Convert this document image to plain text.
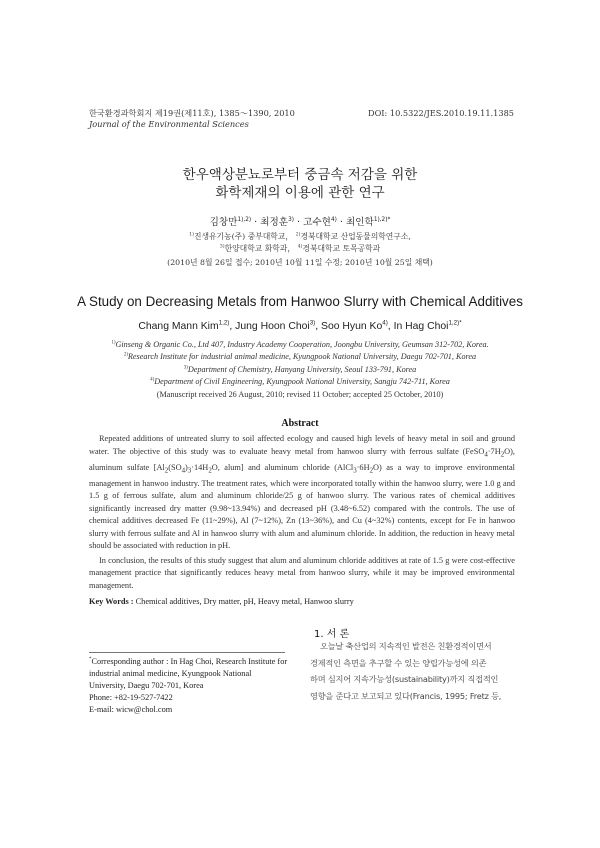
한국환경과학회지 제19권(제11호), 1385～1390, 2010
Journal of the Environmental Sciences
DOI: 10.5322/JES.2010.19.11.1385
한우액상분뇨로부터 중금속 저감을 위한
화학제재의 이용에 관한 연구
김창만$^{1),2)}$ · 최정훈$^{3)}$ · 고수현$^{4)}$ · 최인학$^{1),2)*}$
$^{1)}$진생유기농(주) 중부대학교， $^{2)}$경북대학교 산업동물의학연구소,
$^{3)}$한양대학교 화학과， $^{4)}$경북대학교 토목공학과
(2010년 8월 26일 접수; 2010년 10월 11일 수정; 2010년 10월 25일 채택)
A Study on Decreasing Metals from Hanwoo Slurry with Chemical Additives
Chang Mann Kim$^{1,2)}$, Jung Hoon Choi$^{3)}$, Soo Hyun Ko$^{4)}$, In Hag Choi$^{1,2)*}$
$^{1)}$Ginseng & Organic Co., Ltd 407, Industry Academy Cooperation, Joongbu University, Geumsan 312-702, Korea.
$^{2)}$Research Institute for industrial animal medicine, Kyungpook National University, Daegu 702-701, Korea
$^{3)}$Department of Chemistry, Hanyang University, Seoul 133-791, Korea
$^{4)}$Department of Civil Engineering, Kyungpook National University, Sangju 742-711, Korea
(Manuscript received 26 August, 2010; revised 11 October; accepted 25 October, 2010)
Abstract

Repeated additions of untreated slurry to soil affected ecology and caused high levels of heavy metal in soil and ground water. The objective of this study was to evaluate heavy metal from hanwoo slurry with ferrous sulfate $(FeSO_4\cdot 7H_2O)$, aluminum sulfate [$Al_2(SO_4)_3\cdot 14H_2O$, alum] and aluminum chloride $(AlCl_3\cdot 6H_2O)$ as a way to improve environmental management in hanwoo industry. The treatment rates, which were incorporated totally within the hanwoo slurry, were 1.0 g and 1.5 g of ferrous sulfate, alum and aluminum chloride/25 g of hanwoo slurry. The various rates of chemical additives significantly increased dry matter (9.98~13.94%) and decreased pH (3.48~6.52) compared with the controls. The use of chemical additives decreased Fe (11~29%), Al (7~12%), Zn (13~36%), and Cu (4~32%) contents, except for Fe in hanwoo slurry with ferrous sulfate and Al in hanwoo slurry with alum and aluminum chloride. In addition, the reduction in heavy metal should be associated with reduction in pH.

In conclusion, the results of this study suggest that alum and aluminum chloride additives at rate of 1.5 g were cost-effective management practice that significantly reduces heavy metal from hanwoo slurry, while it may be improved environmental management.

Key Words : Chemical additives, Dry matter, pH, Heavy metal, Hanwoo slurry
1. 서 론
*Corresponding author : In Hag Choi, Research Institute for industrial animal medicine, Kyungpook National University, Daegu 702-701, Korea
Phone: +82-19-527-7422
E-mail: wicw@chol.com
오늘날 축산업의 지속적인 발전은 친환경적이면서
경제적인 측면을 추구할 수 있는 양립가능성에 의존
하며 심지어 지속가능성(sustainability)까지 직접적인
영향을 준다고 보고되고 있다(Francis, 1995; Fretz 등,
